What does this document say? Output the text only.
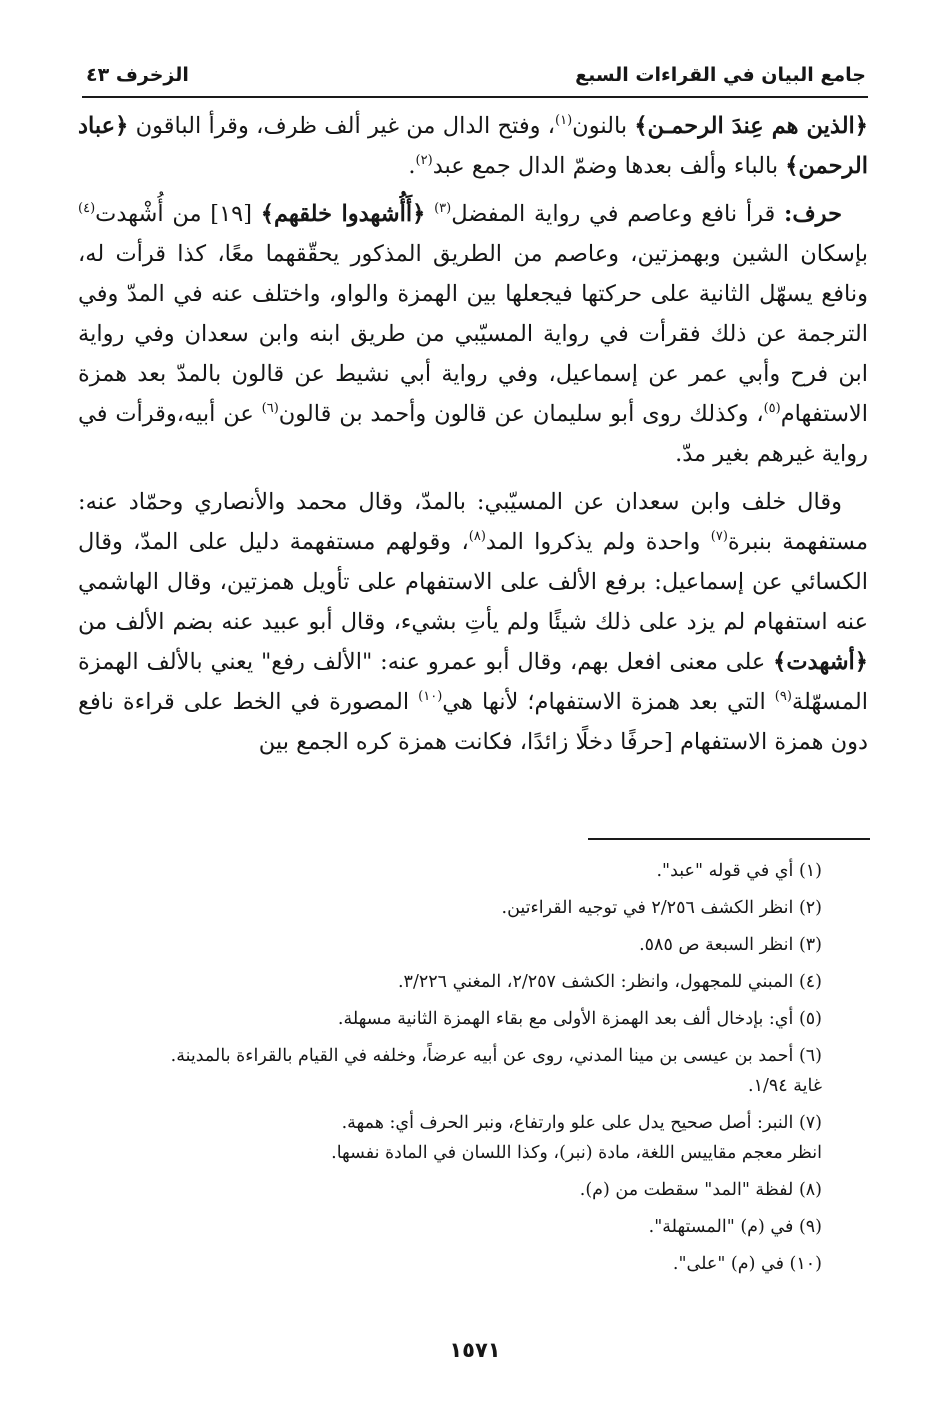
جامع البيان في القراءات السبع
الزخرف ٤٣

﴿الذين هم عِندَ الرحمـن﴾ بالنون$^{(١)}$، وفتح الدال من غير ألف ظرف، وقرأ الباقون ﴿عباد الرحمن﴾ بالباء وألف بعدها وضمّ الدال جمع عبد$^{(٢)}$.

حرف: قرأ نافع وعاصم في رواية المفضل$^{(٣)}$ ﴿أَأُشهدوا خلقهم﴾ [١٩] من أُشْهدت$^{(٤)}$ بإسكان الشين وبهمزتين، وعاصم من الطريق المذكور يحقّقهما معًا، كذا قرأت له، ونافع يسهّل الثانية على حركتها فيجعلها بين الهمزة والواو، واختلف عنه في المدّ وفي الترجمة عن ذلك فقرأت في رواية المسيّبي من طريق ابنه وابن سعدان وفي رواية ابن فرح وأبي عمر عن إسماعيل، وفي رواية أبي نشيط عن قالون بالمدّ بعد همزة الاستفهام$^{(٥)}$، وكذلك روى أبو سليمان عن قالون وأحمد بن قالون$^{(٦)}$ عن أبيه،وقرأت في رواية غيرهم بغير مدّ.

وقال خلف وابن سعدان عن المسيّبي: بالمدّ، وقال محمد والأنصاري وحمّاد عنه: مستفهمة بنبرة$^{(٧)}$ واحدة ولم يذكروا المد$^{(٨)}$، وقولهم مستفهمة دليل على المدّ، وقال الكسائي عن إسماعيل: برفع الألف على الاستفهام على تأويل همزتين، وقال الهاشمي عنه استفهام لم يزد على ذلك شيئًا ولم يأتِ بشيء، وقال أبو عبيد عنه بضم الألف من ﴿أشهدت﴾ على معنى افعل بهم، وقال أبو عمرو عنه: "الألف رفع" يعني بالألف الهمزة المسهّلة$^{(٩)}$ التي بعد همزة الاستفهام؛ لأنها هي$^{(١٠)}$ المصورة في الخط على قراءة نافع دون همزة الاستفهام [حرفًا دخلًا زائدًا، فكانت همزة كره الجمع بين

(١) أي في قوله "عبد".
(٢) انظر الكشف ٢/٢٥٦ في توجيه القراءتين.
(٣) انظر السبعة ص ٥٨٥.
(٤) المبني للمجهول، وانظر: الكشف ٢/٢٥٧، المغني ٣/٢٢٦.
(٥) أي: بإدخال ألف بعد الهمزة الأولى مع بقاء الهمزة الثانية مسهلة.
(٦) أحمد بن عيسى بن مينا المدني، روى عن أبيه عرضاً، وخلفه في القيام بالقراءة بالمدينة.
غاية ١/٩٤.
(٧) النبر: أصل صحيح يدل على علو وارتفاع، ونبر الحرف أي: همهة.
انظر معجم مقاييس اللغة، مادة (نبر)، وكذا اللسان في المادة نفسها.
(٨) لفظة "المد" سقطت من (م).
(٩) في (م) "المستهلة".
(١٠) في (م) "على".
١٥٧١
